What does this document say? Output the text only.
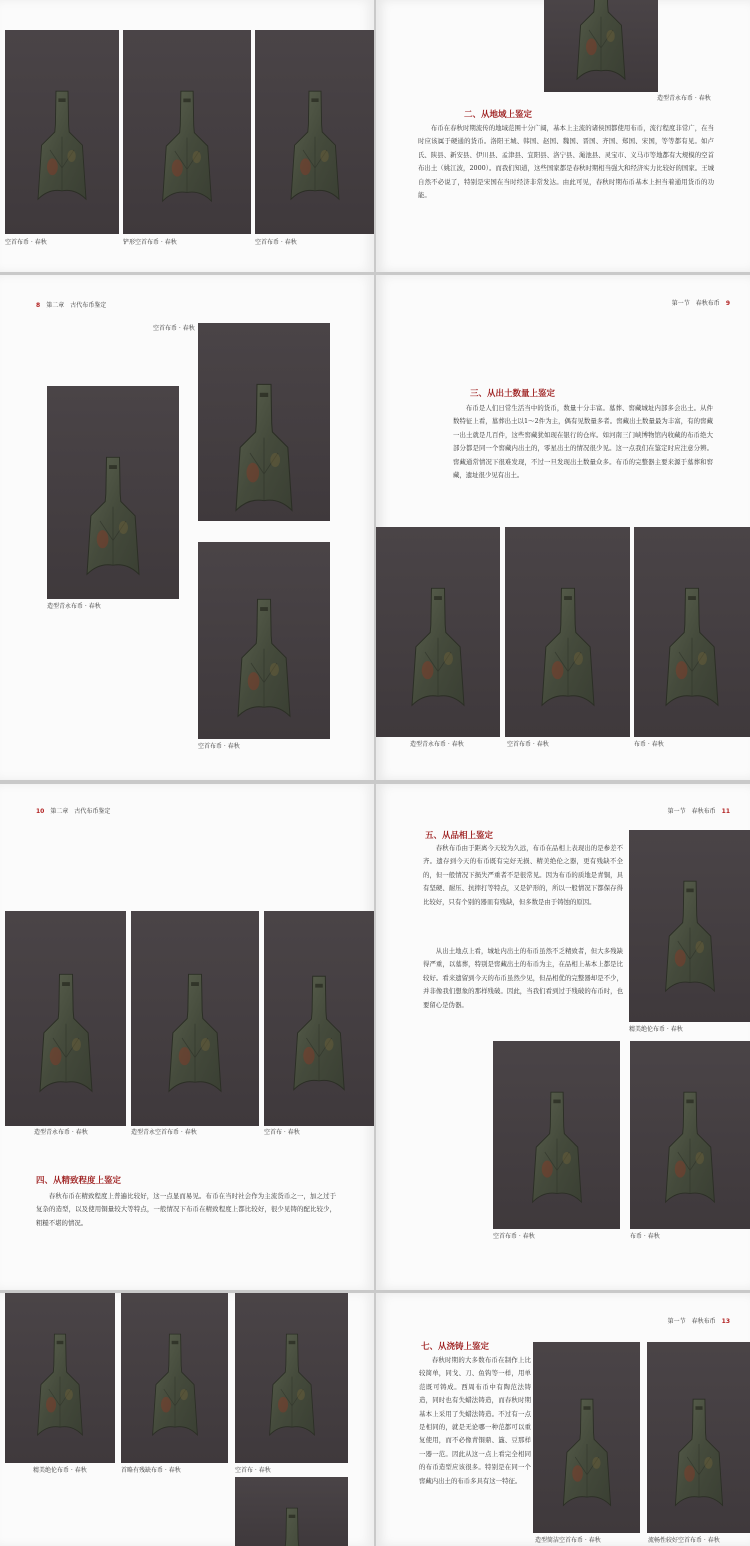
空首布币 · 春秋	铲形空首布币 · 春秋	空首布币 · 春秋
造型青永布币 · 春秋
二、从地域上鉴定

布币在春秋时期流传的地域范围十分广阔，基本上主流的诸侯国都使用布币，流行程度非常广，在当时应该属于硬通的货币。洛阳王城、韩国、赵国、魏国、晋国、齐国、郑国、宋国，等等都有见。如卢氏、陕县、新安县、伊川县、孟津县、宜阳县、洛宁县、渑池县、灵宝市、义马市等地都有大规模的空首布出土（姚江波，2000）。而我们知道，这些国家都是春秋时期相当强大和经济实力比较好的国家。王城自然不必说了，特别是宋国在当时经济非常发达。由此可见，春秋时期布币基本上担当着通用货币的功能。

8 第二章　古代布币鉴定
空首布币 · 春秋
造型青永布币 · 春秋
空首布币 · 春秋
第一节　春秋布币 9
三、从出土数量上鉴定

布币是人们日常生活当中的货币，数量十分丰富。墓葬、窖藏城址内部多会出土。从件数特征上看，墓葬出土以1～2件为主，偶有见数量多者。窖藏出土数量最为丰富，有的窖藏一出土就是几百件，这些窖藏犹如现在银行的仓库。如河南三门峡博物馆内收藏的布币绝大部分都是同一个窖藏内出土的，零星出土的情况很少见。这一点我们在鉴定时应注意分辨。窖藏通常情况下很难发现，不过一旦发现出土数量众多。布币的完整器主要来源于墓葬和窖藏，遗址很少见有出土。

造型青永布币 · 春秋	空首布币 · 春秋	布币 · 春秋
10 第二章　古代布币鉴定
造型青永布币 · 春秋	造型青永空首布币 · 春秋	空首布 · 春秋
四、从精致程度上鉴定

春秋布币在精致程度上普遍比较好，这一点显而易见。布币在当时社会作为主流货币之一，加之过于复杂的造型，以及使用铜量较大等特点，一般情况下布币在精致程度上都比较好，很少见铸的配比较少，粗糙不堪的情况。

第一节　春秋布币 11
五、从品相上鉴定

春秋布币由于距离今天较为久远，布币在品相上表现出的是参差不齐。遗存到今天的布币既有完好无损、精美绝伦之器，更有残缺不全的，但一般情况下损失严重者不是很常见。因为布币的质地是青铜，具有坚硬、耐压、抗摔打等特点，又是铲形的，所以一般情况下都保存得比较好，只有个别的器皿有残缺，但多数是由于铸蚀的原因。

从出土地点上看，城址内出土的布币虽然不乏精致者，但大多残缺得严重，以墓葬，特别是窖藏出土的布币为主，在品相上基本上都是比较好。看来遗留到今天的布币虽然少见，但品相优的完整器却是不少，并非像我们想象的那样残破。因此，当我们看到过于残破的布币时，也要留心是伪器。

精美绝伦布币 · 春秋
空首布币 · 春秋	布币 · 春秋
精美绝伦布币 · 春秋	首略有残缺布币 · 春秋	空首布 · 春秋
第一节　春秋布币 13
七、从浇铸上鉴定

春秋时期的大多数布币在制作上比较简单，同戈、刀、鱼钩等一样，用单范既可铸成。西周布币中有陶范法铸造，同时也有失蜡法铸造，而春秋时期基本上采用了失蜡法铸造。不过有一点是相同的，就是无论哪一种范都可以重复使用，而不必像青铜鼎、簋、豆那样一器一范。因此从这一点上看完全相同的布币造型应该很多。特别是在同一个窖藏内出土的布币多具有这一特征。

造型简洁空首布币 · 春秋	流畅性较好空首布币 · 春秋
